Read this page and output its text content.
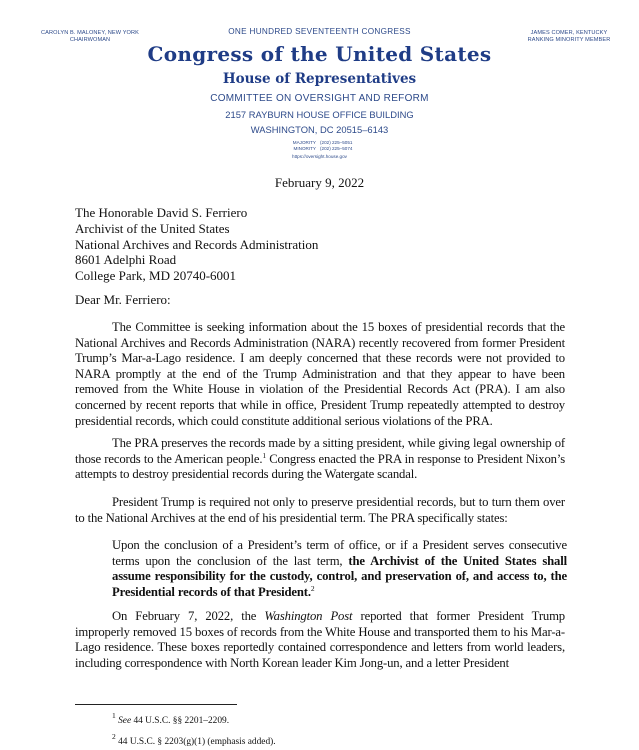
CAROLYN B. MALONEY, NEW YORK
CHAIRWOMAN
ONE HUNDRED SEVENTEENTH CONGRESS	JAMES COMER, KENTUCKY
RANKING MINORITY MEMBER
Congress of the United States
House of Representatives
COMMITTEE ON OVERSIGHT AND REFORM
2157 RAYBURN HOUSE OFFICE BUILDING
WASHINGTON, DC 20515–6143
MAJORITY (202) 225–5051
MINORITY (202) 225–5074
https://oversight.house.gov
February 9, 2022
The Honorable David S. Ferriero
Archivist of the United States
National Archives and Records Administration
8601 Adelphi Road
College Park, MD 20740-6001
Dear Mr. Ferriero:
The Committee is seeking information about the 15 boxes of presidential records that the National Archives and Records Administration (NARA) recently recovered from former President Trump’s Mar-a-Lago residence. I am deeply concerned that these records were not provided to NARA promptly at the end of the Trump Administration and that they appear to have been removed from the White House in violation of the Presidential Records Act (PRA). I am also concerned by recent reports that while in office, President Trump repeatedly attempted to destroy presidential records, which could constitute additional serious violations of the PRA.
The PRA preserves the records made by a sitting president, while giving legal ownership of those records to the American people.$^1$ Congress enacted the PRA in response to President Nixon’s attempts to destroy presidential records during the Watergate scandal.
President Trump is required not only to preserve presidential records, but to turn them over to the National Archives at the end of his presidential term. The PRA specifically states:
Upon the conclusion of a President’s term of office, or if a President serves consecutive terms upon the conclusion of the last term, the Archivist of the United States shall assume responsibility for the custody, control, and preservation of, and access to, the Presidential records of that President.$^2$
On February 7, 2022, the Washington Post reported that former President Trump improperly removed 15 boxes of records from the White House and transported them to his Mar-a-Lago residence. These boxes reportedly contained correspondence and letters from world leaders, including correspondence with North Korean leader Kim Jong-un, and a letter President
$^1$ See 44 U.S.C. §§ 2201–2209.
$^2$ 44 U.S.C. § 2203(g)(1) (emphasis added).
